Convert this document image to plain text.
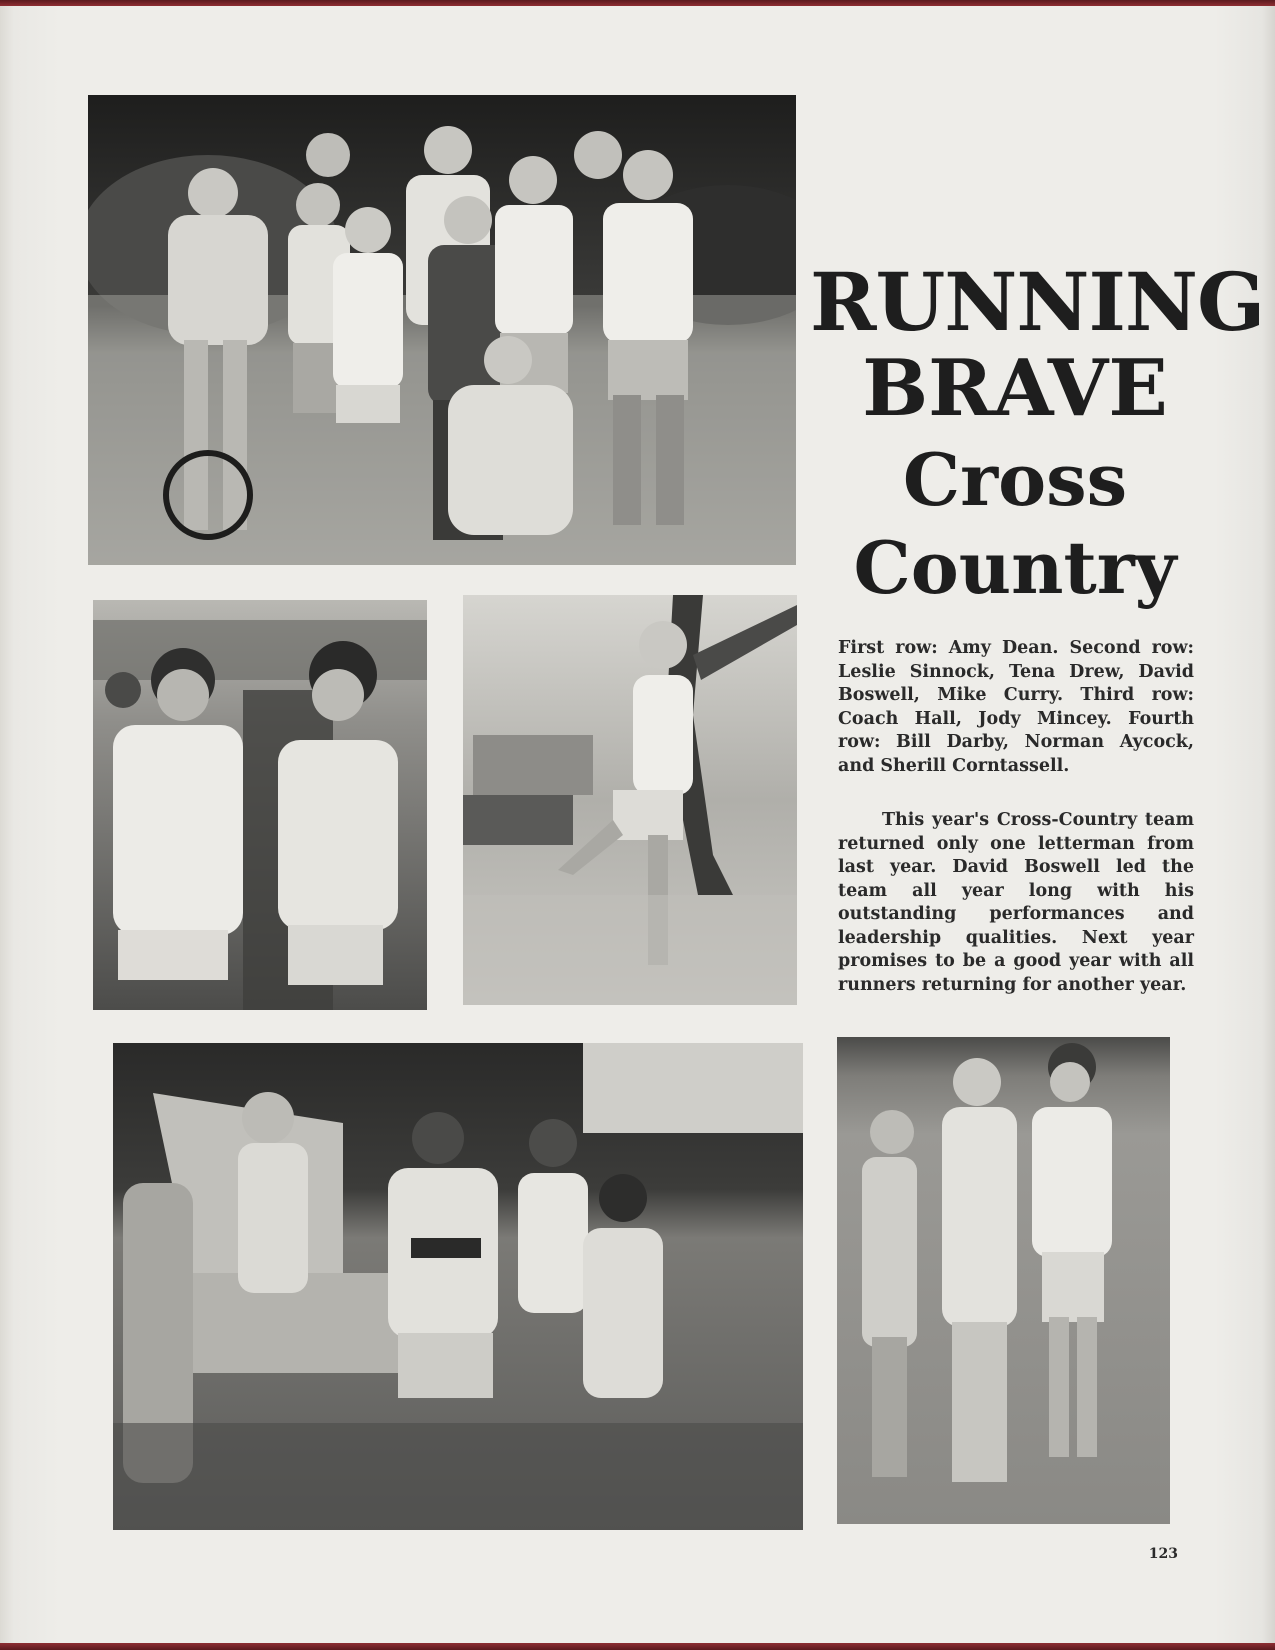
RUNNING
BRAVE
Cross
Country

First row: Amy Dean. Second row: Leslie Sinnock, Tena Drew, David Boswell, Mike Curry. Third row: Coach Hall, Jody Mincey. Fourth row: Bill Darby, Norman Aycock, and Sherill Corntassell.

This year's Cross-Country team returned only one letterman from last year. David Boswell led the team all year long with his outstanding performances and leadership qualities. Next year promises to be a good year with all runners returning for another year.

123
